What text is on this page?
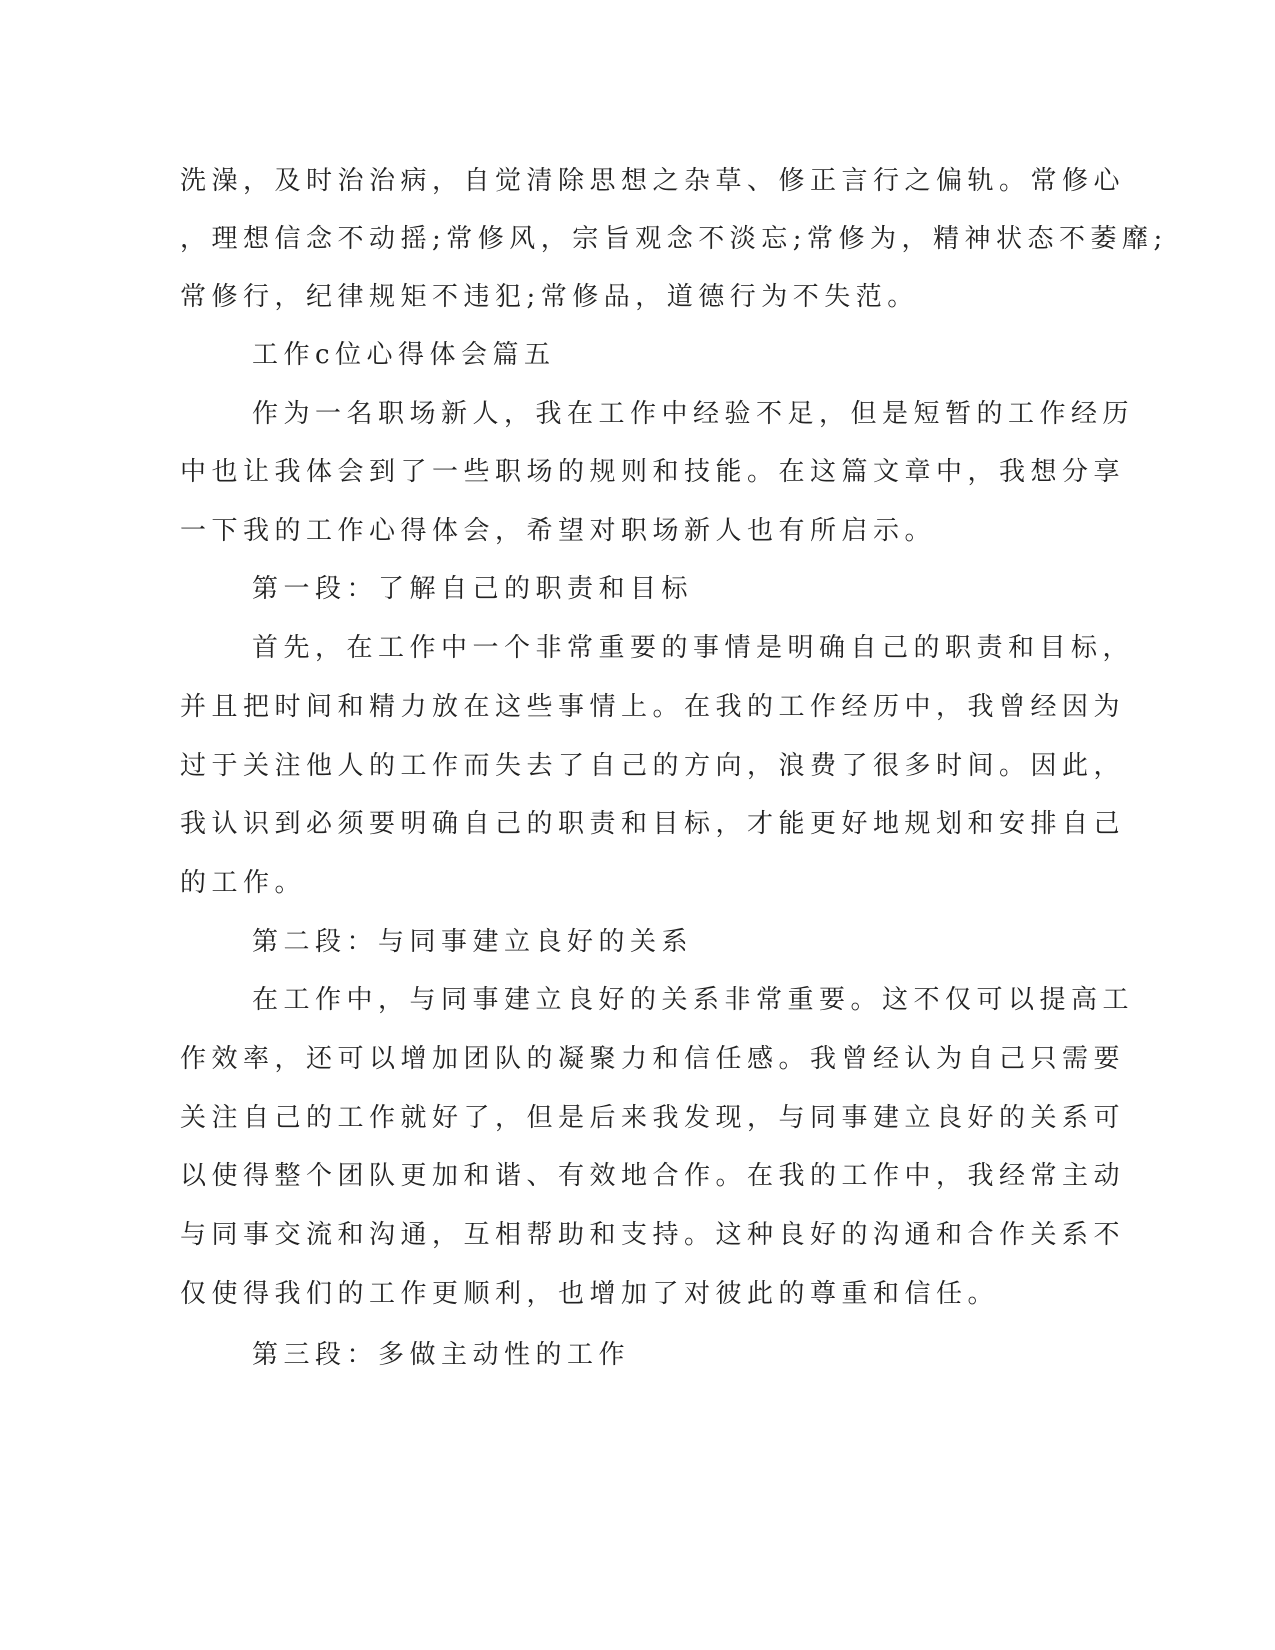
洗澡，及时治治病，自觉清除思想之杂草、修正言行之偏轨。常修心

，理想信念不动摇;常修风，宗旨观念不淡忘;常修为，精神状态不萎靡;

常修行，纪律规矩不违犯;常修品，道德行为不失范。

工作c位心得体会篇五

作为一名职场新人，我在工作中经验不足，但是短暂的工作经历

中也让我体会到了一些职场的规则和技能。在这篇文章中，我想分享

一下我的工作心得体会，希望对职场新人也有所启示。

第一段：了解自己的职责和目标

首先，在工作中一个非常重要的事情是明确自己的职责和目标，

并且把时间和精力放在这些事情上。在我的工作经历中，我曾经因为

过于关注他人的工作而失去了自己的方向，浪费了很多时间。因此，

我认识到必须要明确自己的职责和目标，才能更好地规划和安排自己

的工作。

第二段：与同事建立良好的关系

在工作中，与同事建立良好的关系非常重要。这不仅可以提高工

作效率，还可以增加团队的凝聚力和信任感。我曾经认为自己只需要

关注自己的工作就好了，但是后来我发现，与同事建立良好的关系可

以使得整个团队更加和谐、有效地合作。在我的工作中，我经常主动

与同事交流和沟通，互相帮助和支持。这种良好的沟通和合作关系不

仅使得我们的工作更顺利，也增加了对彼此的尊重和信任。

第三段：多做主动性的工作
